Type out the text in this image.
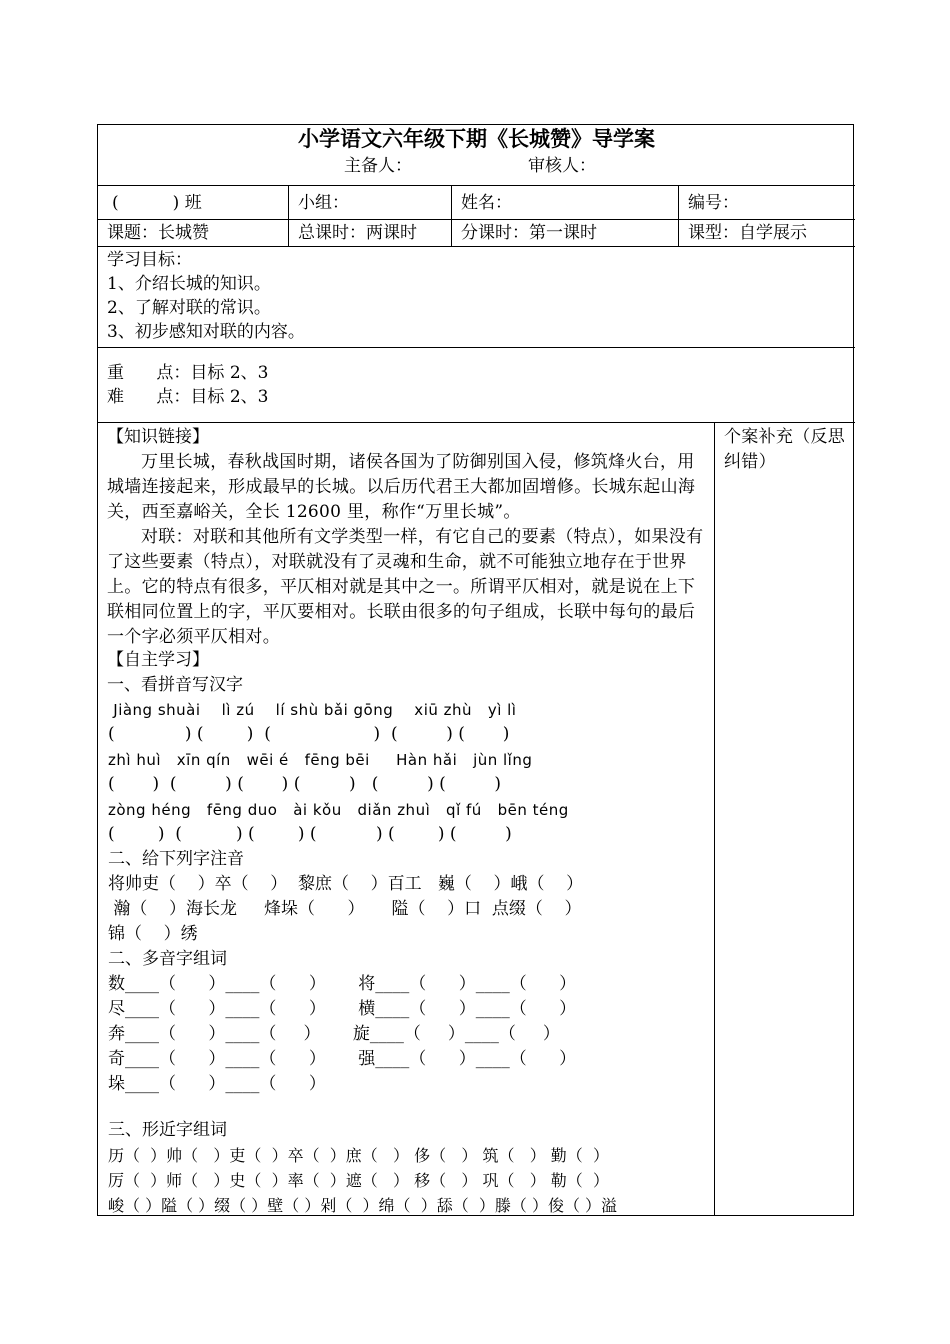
小学语文六年级下期《长城赞》导学案
主备人：	审核人：
(          ) 班	小组：	姓名：	编号：
课题：长城赞	总课时：两课时	分课时：第一课时	课型：自学展示
学习目标：
1、介绍长城的知识。
2、了解对联的常识。
3、初步感知对联的内容。
重      点：目标 2、3
难      点：目标 2、3
个案补充（反思纠错）
【知识链接】
万里长城，春秋战国时期，诸侯各国为了防御别国入侵，修筑烽火台，用城墙连接起来，形成最早的长城。以后历代君王大都加固增修。长城东起山海关，西至嘉峪关，全长 12600 里，称作“万里长城”。
对联：对联和其他所有文学类型一样，有它自己的要素（特点），如果没有了这些要素（特点），对联就没有了灵魂和生命，就不可能独立地存在于世界上。它的特点有很多，平仄相对就是其中之一。所谓平仄相对，就是说在上下联相同位置上的字，平仄要相对。长联由很多的句子组成，长联中每句的最后一个字必须平仄相对。
【自主学习】
一、看拼音写汉字
Jiàng shuài    lì zú    lí shù bǎi gōng    xiū zhù   yì lì
(             ) (        )  (                   )  (         ) (       )
zhì huì   xīn qín   wēi é   fēng bēi     Hàn hǎi   jùn lǐng
(       )  (         ) (       ) (         )   (         ) (         )
zòng héng   fēng duo   ài kǒu   diǎn zhuì   qǐ fú   bēn téng
(        )  (          ) (        ) (           ) (        ) (         )
二、给下列字注音
将帅吏（    ）卒（    ）  黎庶（    ）百工   巍（    ）峨（    ）
瀚（    ）海长龙     烽垛（      ）     隘（    ）口  点缀（    ）
锦（    ）绣
二、多音字组词
数____（      ）____（      ）      将____（      ）____（      ）
尽____（      ）____（      ）      横____（      ）____（      ）
奔____（      ）____（     ）      旋____（     ）____（     ）
奇____（      ）____（      ）      强____（      ）____（      ）
垛____（      ）____（      ）
三、形近字组词
历（  ）帅（   ）吏（  ）卒（  ）庶（   ） 侈（   ） 筑（   ） 勤（  ）
厉（  ）师（   ）史（  ）率（  ）遮（   ） 移（   ） 巩（   ） 勒（  ）
峻（ ）隘（ ）缀（ ）壁（ ）剁（  ）绵（  ）舔（  ）滕（ ）俊（ ）溢
